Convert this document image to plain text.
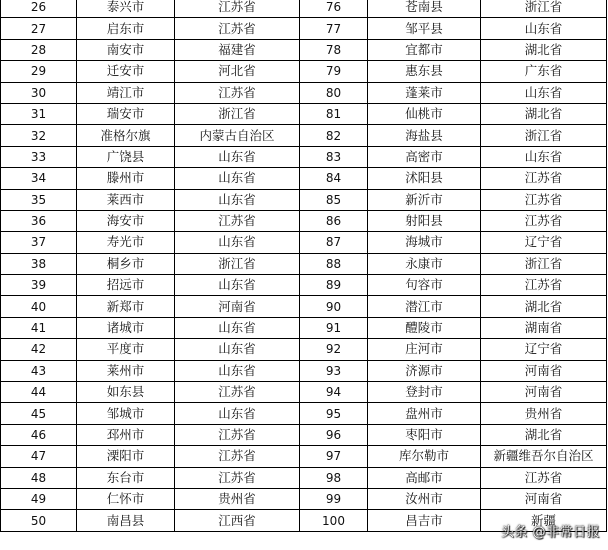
26	泰兴市	江苏省	76	苍南县	浙江省
27	启东市	江苏省	77	邹平县	山东省
28	南安市	福建省	78	宜都市	湖北省
29	迁安市	河北省	79	惠东县	广东省
30	靖江市	江苏省	80	蓬莱市	山东省
31	瑞安市	浙江省	81	仙桃市	湖北省
32	准格尔旗	内蒙古自治区	82	海盐县	浙江省
33	广饶县	山东省	83	高密市	山东省
34	滕州市	山东省	84	沭阳县	江苏省
35	莱西市	山东省	85	新沂市	江苏省
36	海安市	江苏省	86	射阳县	江苏省
37	寿光市	山东省	87	海城市	辽宁省
38	桐乡市	浙江省	88	永康市	浙江省
39	招远市	山东省	89	句容市	江苏省
40	新郑市	河南省	90	潜江市	湖北省
41	诸城市	山东省	91	醴陵市	湖南省
42	平度市	山东省	92	庄河市	辽宁省
43	莱州市	山东省	93	济源市	河南省
44	如东县	江苏省	94	登封市	河南省
45	邹城市	山东省	95	盘州市	贵州省
46	邳州市	江苏省	96	枣阳市	湖北省
47	溧阳市	江苏省	97	库尔勒市	新疆维吾尔自治区
48	东台市	江苏省	98	高邮市	江苏省
49	仁怀市	贵州省	99	汝州市	河南省
50	南昌县	江西省	100	昌吉市	新疆
头条 @非常日报
